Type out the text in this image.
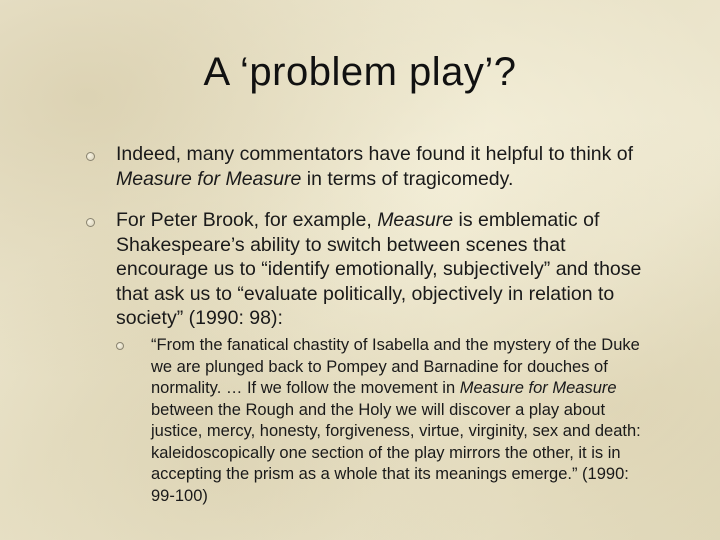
A ‘problem play’?
Indeed, many commentators have found it helpful to think of Measure for Measure in terms of tragicomedy.
For Peter Brook, for example, Measure is emblematic of Shakespeare’s ability to switch between scenes that encourage us to “identify emotionally, subjectively” and those that ask us to “evaluate politically, objectively in relation to society” (1990: 98):
“From the fanatical chastity of Isabella and the mystery of the Duke we are plunged back to Pompey and Barnadine for douches of normality. … If we follow the movement in Measure for Measure between the Rough and the Holy we will discover a play about justice, mercy, honesty, forgiveness, virtue, virginity, sex and death: kaleidoscopically one section of the play mirrors the other, it is in accepting the prism as a whole that its meanings emerge.” (1990: 99-100)
